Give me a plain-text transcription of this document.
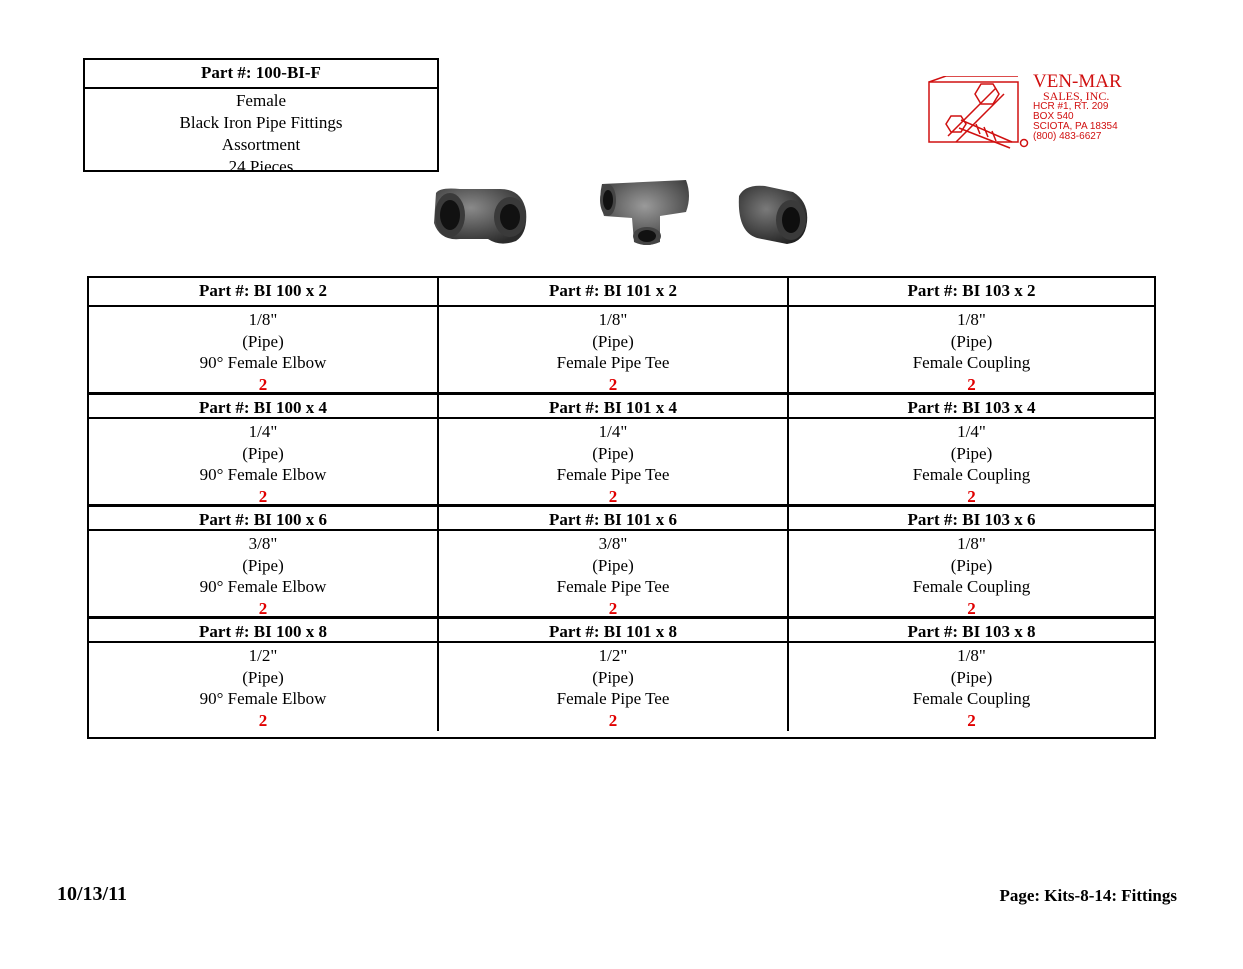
Part #: 100-BI-F
Female
Black Iron Pipe Fittings
Assortment
24 Pieces
VEN-MAR
SALES, INC.
HCR #1, RT. 209
BOX 540
SCIOTA, PA 18354
(800) 483-6627
Part #: BI 100 x 2	Part #: BI 101 x 2	Part #: BI 103 x 2
1/8"
(Pipe)
90° Female Elbow
2
1/8"
(Pipe)
Female Pipe Tee
2
1/8"
(Pipe)
Female Coupling
2
Part #: BI 100 x 4	Part #: BI 101 x 4	Part #: BI 103 x 4
1/4"
(Pipe)
90° Female Elbow
2
1/4"
(Pipe)
Female Pipe Tee
2
1/4"
(Pipe)
Female Coupling
2
Part #: BI 100 x 6	Part #: BI 101 x 6	Part #: BI 103 x 6
3/8"
(Pipe)
90° Female Elbow
2
3/8"
(Pipe)
Female Pipe Tee
2
1/8"
(Pipe)
Female Coupling
2
Part #: BI 100 x 8	Part #: BI 101 x 8	Part #: BI 103 x 8
1/2"
(Pipe)
90° Female Elbow
2
1/2"
(Pipe)
Female Pipe Tee
2
1/8"
(Pipe)
Female Coupling
2
10/13/11	Page: Kits-8-14: Fittings
